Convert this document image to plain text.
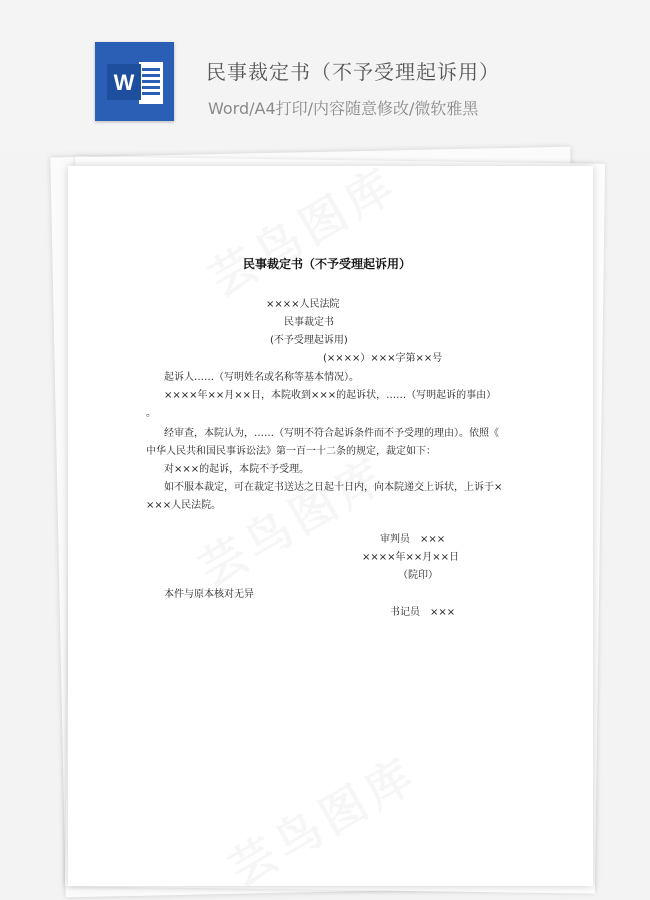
W	民事裁定书（不予受理起诉用）
Word/A4打印/内容随意修改/微软雅黑
民事裁定书（不予受理起诉用）
××××人民法院
民事裁定书
(不予受理起诉用)
(××××）×××字第××号
起诉人……（写明姓名或名称等基本情况）。
××××年××月××日，本院收到×××的起诉状，……（写明起诉的事由）
。
经审查，本院认为，……（写明不符合起诉条件而不予受理的理由）。依照《
中华人民共和国民事诉讼法》第一百一十二条的规定，裁定如下：
对×××的起诉，本院不予受理。
如不服本裁定，可在裁定书送达之日起十日内，向本院递交上诉状，上诉于×
×××人民法院。
审判员　×××
××××年××月××日
（院印）
本件与原本核对无异
书记员　×××
